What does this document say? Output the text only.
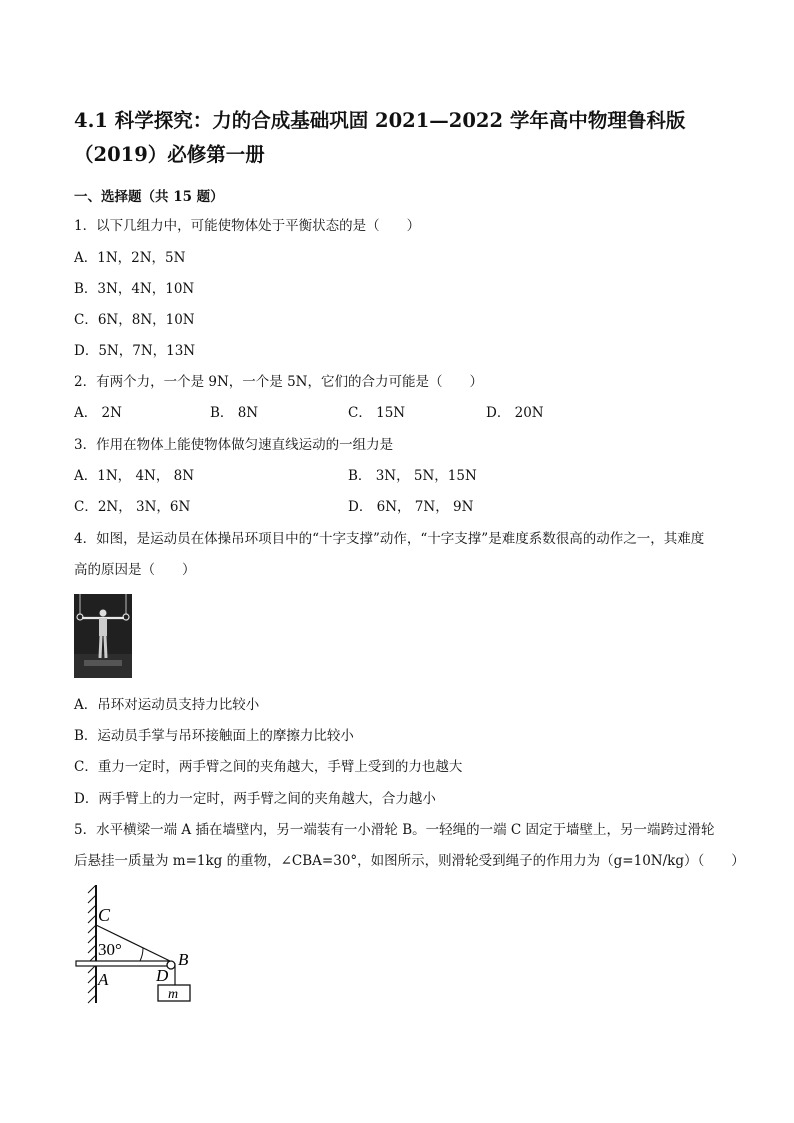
4.1 科学探究：力的合成基础巩固 2021—2022 学年高中物理鲁科版
（2019）必修第一册
一、选择题（共 15 题）
1．以下几组力中，可能使物体处于平衡状态的是（　　）
A．1N，2N，5N
B．3N，4N，10N
C．6N，8N，10N
D．5N，7N，13N
2．有两个力，一个是 9N，一个是 5N，它们的合力可能是（　　）
A． 2N	B． 8N	C． 15N	D． 20N
3．作用在物体上能使物体做匀速直线运动的一组力是
A．1N， 4N， 8N	B． 3N， 5N，15N
C．2N， 3N，6N	D． 6N， 7N， 9N
4．如图，是运动员在体操吊环项目中的“十字支撑”动作，“十字支撑”是难度系数很高的动作之一，其难度
高的原因是（　　）
A．吊环对运动员支持力比较小
B．运动员手掌与吊环接触面上的摩擦力比较小
C．重力一定时，两手臂之间的夹角越大，手臂上受到的力也越大
D．两手臂上的力一定时，两手臂之间的夹角越大，合力越小
5．水平横梁一端 A 插在墙壁内，另一端装有一小滑轮 B。一轻绳的一端 C 固定于墙壁上，另一端跨过滑轮
后悬挂一质量为 m=1kg 的重物，∠CBA=30°，如图所示，则滑轮受到绳子的作用力为（g=10N/kg）（　　）
C
30°
A
B
D
m
